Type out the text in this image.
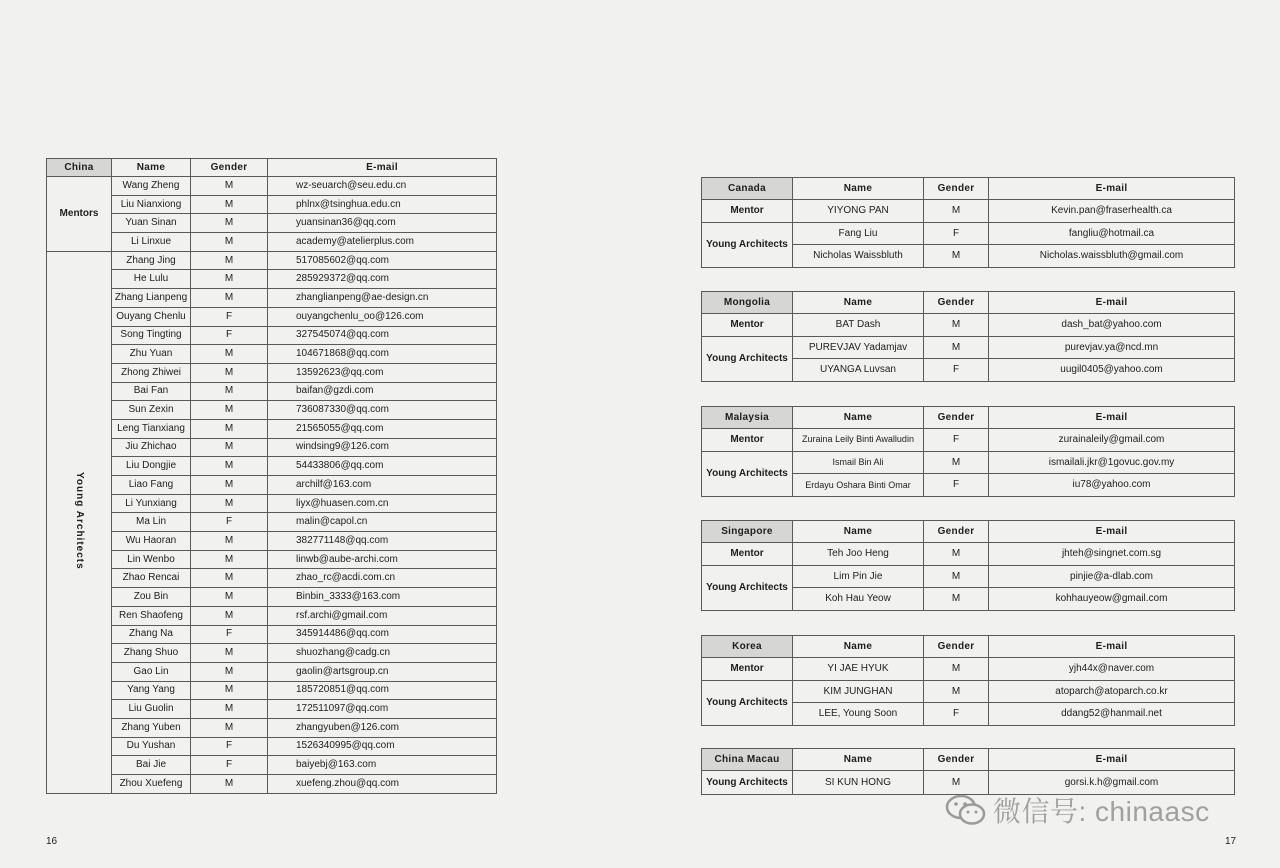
China	Name	Gender	E-mail
Mentors	Wang Zheng	M	wz-seuarch@seu.edu.cn
	Liu Nianxiong	M	phlnx@tsinghua.edu.cn
	Yuan Sinan	M	yuansinan36@qq.com
	Li Linxue	M	academy@atelierplus.com
Young Architects	Zhang Jing	M	517085602@qq.com
	He Lulu	M	285929372@qq.com
	Zhang Lianpeng	M	zhanglianpeng@ae-design.cn
	Ouyang Chenlu	F	ouyangchenlu_oo@126.com
	Song Tingting	F	327545074@qq.com
	Zhu Yuan	M	104671868@qq.com
	Zhong Zhiwei	M	13592623@qq.com
	Bai Fan	M	baifan@gzdi.com
	Sun Zexin	M	736087330@qq.com
	Leng Tianxiang	M	21565055@qq.com
	Jiu Zhichao	M	windsing9@126.com
	Liu Dongjie	M	54433806@qq.com
	Liao Fang	M	archilf@163.com
	Li Yunxiang	M	liyx@huasen.com.cn
	Ma Lin	F	malin@capol.cn
	Wu Haoran	M	382771148@qq.com
	Lin Wenbo	M	linwb@aube-archi.com
	Zhao Rencai	M	zhao_rc@acdi.com.cn
	Zou Bin	M	Binbin_3333@163.com
	Ren Shaofeng	M	rsf.archi@gmail.com
	Zhang Na	F	345914486@qq.com
	Zhang Shuo	M	shuozhang@cadg.cn
	Gao Lin	M	gaolin@artsgroup.cn
	Yang Yang	M	185720851@qq.com
	Liu Guolin	M	172511097@qq.com
	Zhang Yuben	M	zhangyuben@126.com
	Du Yushan	F	1526340995@qq.com
	Bai Jie	F	baiyebj@163.com
	Zhou Xuefeng	M	xuefeng.zhou@qq.com
Canada	Name	Gender	E-mail
Mentor	YIYONG PAN	M	Kevin.pan@fraserhealth.ca
Young Architects	Fang Liu	F	fangliu@hotmail.ca
	Nicholas Waissbluth	M	Nicholas.waissbluth@gmail.com
Mongolia	Name	Gender	E-mail
Mentor	BAT Dash	M	dash_bat@yahoo.com
Young Architects	PUREVJAV Yadamjav	M	purevjav.ya@ncd.mn
	UYANGA Luvsan	F	uugil0405@yahoo.com
Malaysia	Name	Gender	E-mail
Mentor	Zuraina Leily Binti Awalludin	F	zurainaleily@gmail.com
Young Architects	Ismail Bin Ali	M	ismailali.jkr@1govuc.gov.my
	Erdayu Oshara Binti Omar	F	iu78@yahoo.com
Singapore	Name	Gender	E-mail
Mentor	Teh Joo Heng	M	jhteh@singnet.com.sg
Young Architects	Lim Pin Jie	M	pinjie@a-dlab.com
	Koh Hau Yeow	M	kohhauyeow@gmail.com
Korea	Name	Gender	E-mail
Mentor	YI JAE HYUK	M	yjh44x@naver.com
Young Architects	KIM JUNGHAN	M	atoparch@atoparch.co.kr
	LEE, Young Soon	F	ddang52@hanmail.net
China Macau	Name	Gender	E-mail
Young Architects	SI KUN HONG	M	gorsi.k.h@gmail.com
16	17
微信号: chinaasc
